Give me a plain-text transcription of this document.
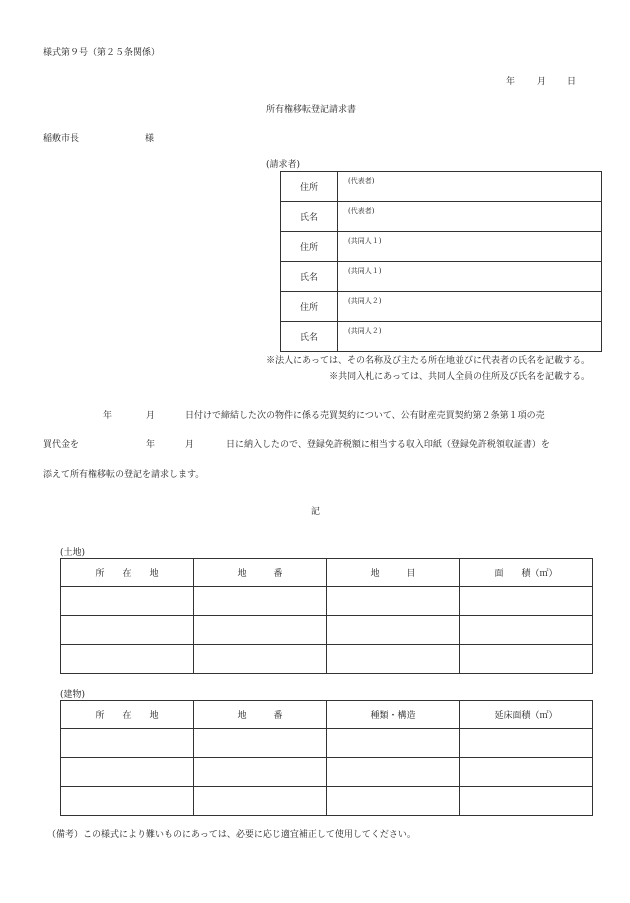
様式第９号（第２５条関係）
年 月 日
所有権移転登記請求書
稲敷市長	様
(請求者)
住所	(代表者)
氏名	(代表者)
住所	(共同人１)
氏名	(共同人１)
住所	(共同人２)
氏名	(共同人２)
※法人にあっては、その名称及び主たる所在地並びに代表者の氏名を記載する。
※共同入札にあっては、共同人全員の住所及び氏名を記載する。
年	月	日付けで締結した次の物件に係る売買契約について、公有財産売買契約第２条第１項の売
買代金を	年	月	日に納入したので、登録免許税額に相当する収入印紙（登録免許税領収証書）を
添えて所有権移転の登記を請求します。
記
(土地)
所　　在　　地	地　　　番	地　　　目	面　　積（㎡）

(建物)
所　　在　　地	地　　　番	種類・構造	延床面積（㎡）

（備考）この様式により難いものにあっては、必要に応じ適宜補正して使用してください。
